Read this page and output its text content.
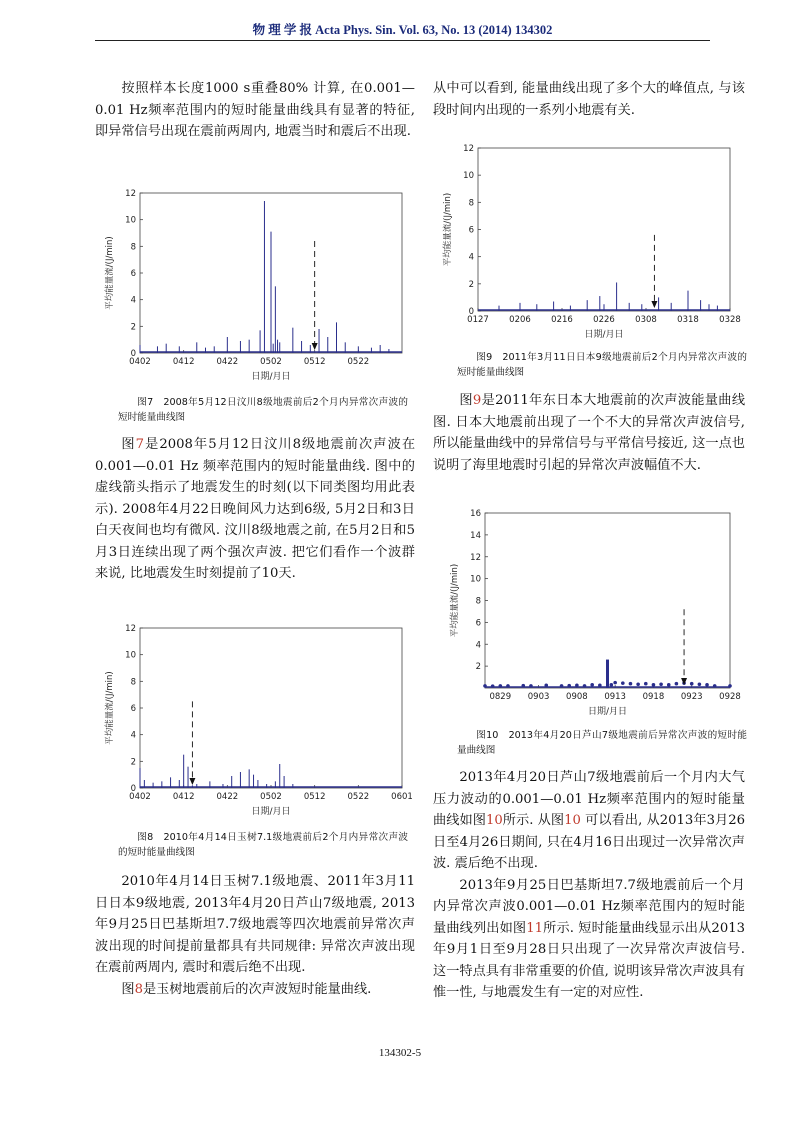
物 理 学 报 Acta Phys. Sin. Vol. 63, No. 13 (2014) 134302

按照样本长度1000 s重叠80% 计算, 在0.001—0.01 Hz频率范围内的短时能量曲线具有显著的特征, 即异常信号出现在震前两周内, 地震当时和震后不出现.

0
2
4
6
8
10
12
0402	0412	0422	0502	0512	0522
日期/月日
平均能量流/(J/min)

图7　2008年5月12日汶川8级地震前后2个月内异常次声波的短时能量曲线图

图7是2008年5月12日汶川8级地震前次声波在0.001—0.01 Hz 频率范围内的短时能量曲线. 图中的虚线箭头指示了地震发生的时刻(以下同类图均用此表示). 2008年4月22日晚间风力达到6级, 5月2日和3日白天夜间也均有微风. 汶川8级地震之前, 在5月2日和5月3日连续出现了两个强次声波. 把它们看作一个波群来说, 比地震发生时刻提前了10天.

0
2
4
6
8
10
12
0402	0412	0422	0502	0512	0522	0601
日期/月日
平均能量流/(J/min)

图8　2010年4月14日玉树7.1级地震前后2个月内异常次声波的短时能量曲线图

2010年4月14日玉树7.1级地震、2011年3月11日日本9级地震, 2013年4月20日芦山7级地震, 2013年9月25日巴基斯坦7.7级地震等四次地震前异常次声波出现的时间提前量都具有共同规律: 异常次声波出现在震前两周内, 震时和震后绝不出现.

图8是玉树地震前后的次声波短时能量曲线.

从中可以看到, 能量曲线出现了多个大的峰值点, 与该段时间内出现的一系列小地震有关.

0
2
4
6
8
10
12
0127 0206 0216 0226 0308 0318 0328
日期/月日
平均能量流/(J/min)

图9　2011年3月11日日本9级地震前后2个月内异常次声波的短时能量曲线图

图9是2011年东日本大地震前的次声波能量曲线图. 日本大地震前出现了一个不大的异常次声波信号, 所以能量曲线中的异常信号与平常信号接近, 这一点也说明了海里地震时引起的异常次声波幅值不大.

2
4
6
8
10
12
14
16
0829 0903 0908 0913 0918 0923 0928
日期/月日
平均能量流/(J/min)

图10　2013年4月20日芦山7级地震前后异常次声波的短时能量曲线图

2013年4月20日芦山7级地震前后一个月内大气压力波动的0.001—0.01 Hz频率范围内的短时能量曲线如图10所示. 从图10 可以看出, 从2013年3月26日至4月26日期间, 只在4月16日出现过一次异常次声波. 震后绝不出现.

2013年9月25日巴基斯坦7.7级地震前后一个月内异常次声波0.001—0.01 Hz频率范围内的短时能量曲线列出如图11所示. 短时能量曲线显示出从2013年9月1日至9月28日只出现了一次异常次声波信号. 这一特点具有非常重要的价值, 说明该异常次声波具有惟一性, 与地震发生有一定的对应性.

134302-5
